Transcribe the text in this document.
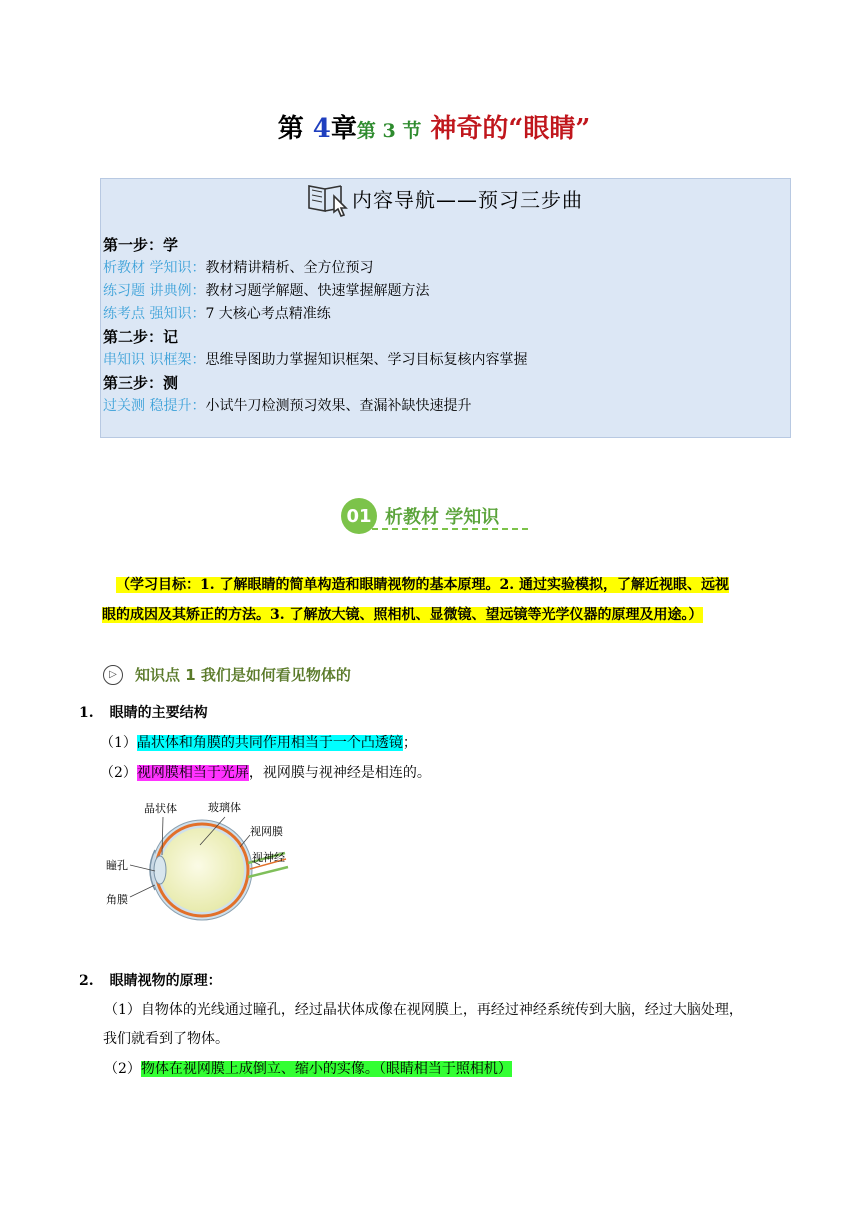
第 4章第 3 节 神奇的“眼睛”
内容导航——预习三步曲
第一步：学
析教材 学知识：教材精讲精析、全方位预习
练习题 讲典例：教材习题学解题、快速掌握解题方法
练考点 强知识：7 大核心考点精准练
第二步：记
串知识 识框架：思维导图助力掌握知识框架、学习目标复核内容掌握
第三步：测
过关测 稳提升：小试牛刀检测预习效果、查漏补缺快速提升
01 析教材 学知识
（学习目标：1. 了解眼睛的简单构造和眼睛视物的基本原理。2. 通过实验模拟，了解近视眼、远视
眼的成因及其矫正的方法。3. 了解放大镜、照相机、显微镜、望远镜等光学仪器的原理及用途。）
▷	知识点 1 我们是如何看见物体的
1. 眼睛的主要结构
（1）晶状体和角膜的共同作用相当于一个凸透镜；
（2）视网膜相当于光屏，视网膜与视神经是相连的。
晶状体	玻璃体
视网膜
视神经
瞳孔
角膜
2. 眼睛视物的原理：
（1）自物体的光线通过瞳孔，经过晶状体成像在视网膜上，再经过神经系统传到大脑，经过大脑处理，
我们就看到了物体。
（2）物体在视网膜上成倒立、缩小的实像。（眼睛相当于照相机）
